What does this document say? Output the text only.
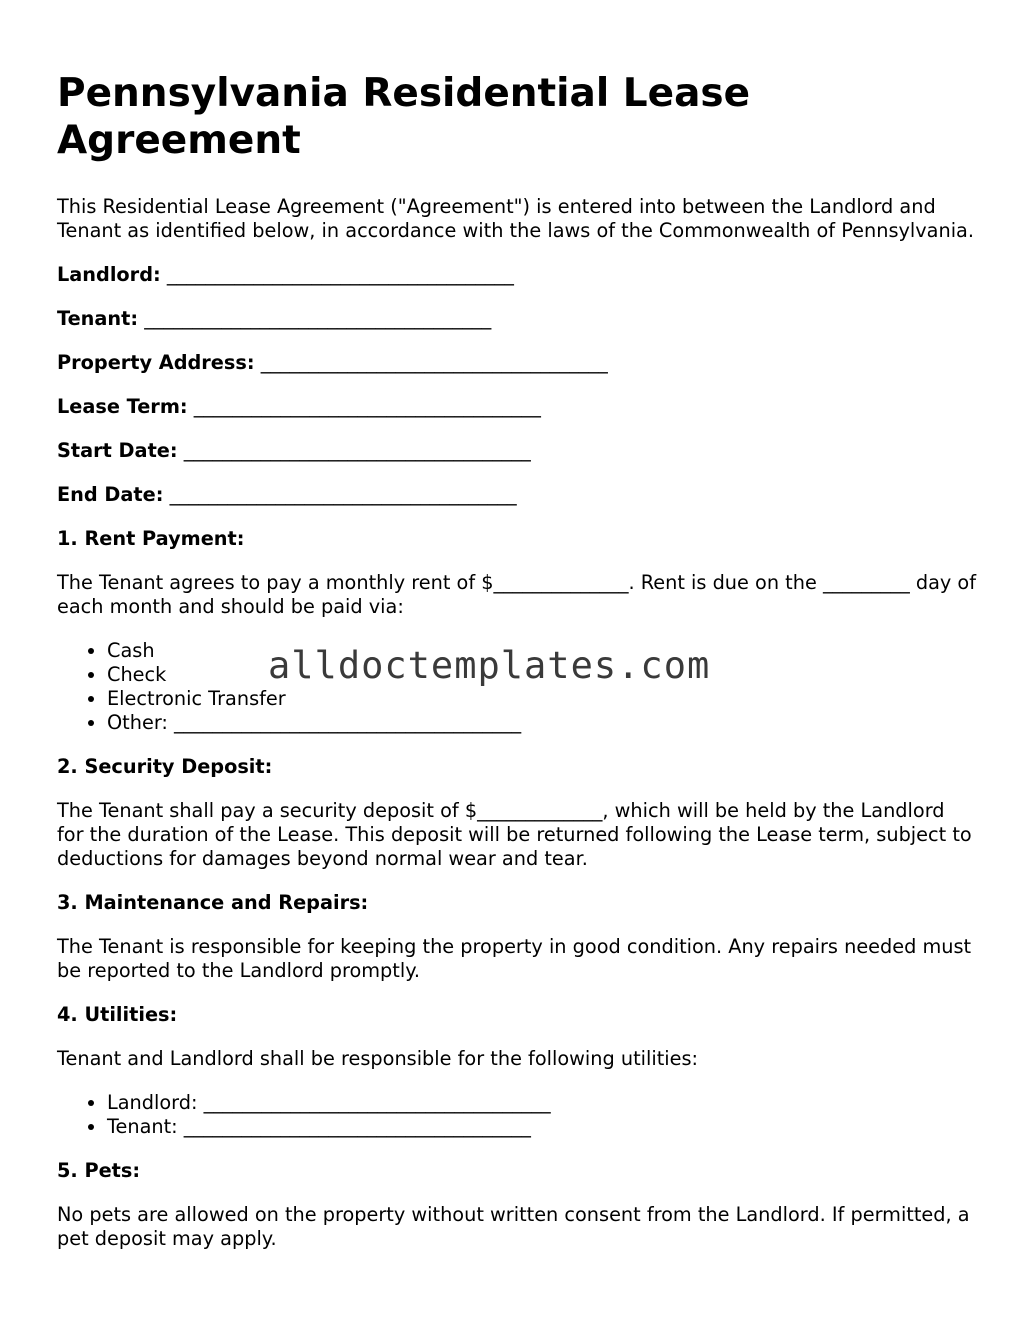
Pennsylvania Residential Lease Agreement

This Residential Lease Agreement ("Agreement") is entered into between the Landlord and Tenant as identified below, in accordance with the laws of the Commonwealth of Pennsylvania.

Landlord: ____________________________________
Tenant: ____________________________________
Property Address: ____________________________________
Lease Term: ____________________________________
Start Date: ____________________________________
End Date: ____________________________________
1. Rent Payment:

The Tenant agrees to pay a monthly rent of $______________. Rent is due on the _________ day of each month and should be paid via:

• Cash
• Check
• Electronic Transfer
• Other: ____________________________________
2. Security Deposit:

The Tenant shall pay a security deposit of $_____________, which will be held by the Landlord for the duration of the Lease. This deposit will be returned following the Lease term, subject to deductions for damages beyond normal wear and tear.

3. Maintenance and Repairs:

The Tenant is responsible for keeping the property in good condition. Any repairs needed must be reported to the Landlord promptly.

4. Utilities:

Tenant and Landlord shall be responsible for the following utilities:

• Landlord: ____________________________________
• Tenant: ____________________________________
5. Pets:

No pets are allowed on the property without written consent from the Landlord. If permitted, a pet deposit may apply.

alldoctemplates.com
